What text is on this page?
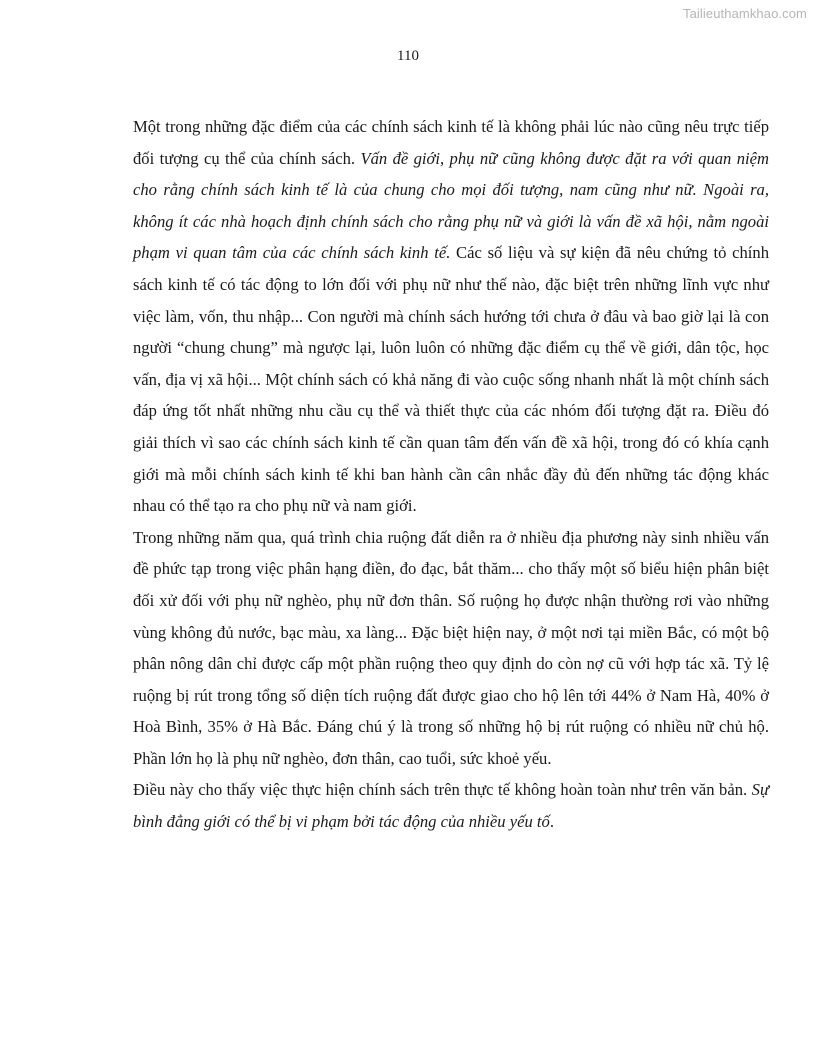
Tailieuthamkhao.com
110

Một trong những đặc điểm của các chính sách kinh tế là không phải lúc nào cũng nêu trực tiếp đối tượng cụ thể của chính sách. Vấn đề giới, phụ nữ cũng không được đặt ra với quan niệm cho rằng chính sách kinh tế là của chung cho mọi đối tượng, nam cũng như nữ. Ngoài ra, không ít các nhà hoạch định chính sách cho rằng phụ nữ và giới là vấn đề xã hội, nằm ngoài phạm vi quan tâm của các chính sách kinh tế. Các số liệu và sự kiện đã nêu chứng tỏ chính sách kinh tế có tác động to lớn đối với phụ nữ như thế nào, đặc biệt trên những lĩnh vực như việc làm, vốn, thu nhập... Con người mà chính sách hướng tới chưa ở đâu và bao giờ lại là con người “chung chung” mà ngược lại, luôn luôn có những đặc điểm cụ thể về giới, dân tộc, học vấn, địa vị xã hội... Một chính sách có khả năng đi vào cuộc sống nhanh nhất là một chính sách đáp ứng tốt nhất những nhu cầu cụ thể và thiết thực của các nhóm đối tượng đặt ra. Điều đó giải thích vì sao các chính sách kinh tế cần quan tâm đến vấn đề xã hội, trong đó có khía cạnh giới mà mỗi chính sách kinh tế khi ban hành cần cân nhắc đầy đủ đến những tác động khác nhau có thể tạo ra cho phụ nữ và nam giới.

Trong những năm qua, quá trình chia ruộng đất diễn ra ở nhiều địa phương này sinh nhiều vấn đề phức tạp trong việc phân hạng điền, đo đạc, bắt thăm... cho thấy một số biểu hiện phân biệt đối xử đối với phụ nữ nghèo, phụ nữ đơn thân. Số ruộng họ được nhận thường rơi vào những vùng không đủ nước, bạc màu, xa làng... Đặc biệt hiện nay, ở một nơi tại miền Bắc, có một bộ phân nông dân chỉ được cấp một phần ruộng theo quy định do còn nợ cũ với hợp tác xã. Tỷ lệ ruộng bị rút trong tổng số diện tích ruộng đất được giao cho hộ lên tới 44% ở Nam Hà, 40% ở Hoà Bình, 35% ở Hà Bắc. Đáng chú ý là trong số những hộ bị rút ruộng có nhiều nữ chủ hộ. Phần lớn họ là phụ nữ nghèo, đơn thân, cao tuổi, sức khoẻ yếu.

Điều này cho thấy việc thực hiện chính sách trên thực tế không hoàn toàn như trên văn bản. Sự bình đẳng giới có thể bị vi phạm bởi tác động của nhiều yếu tố.
